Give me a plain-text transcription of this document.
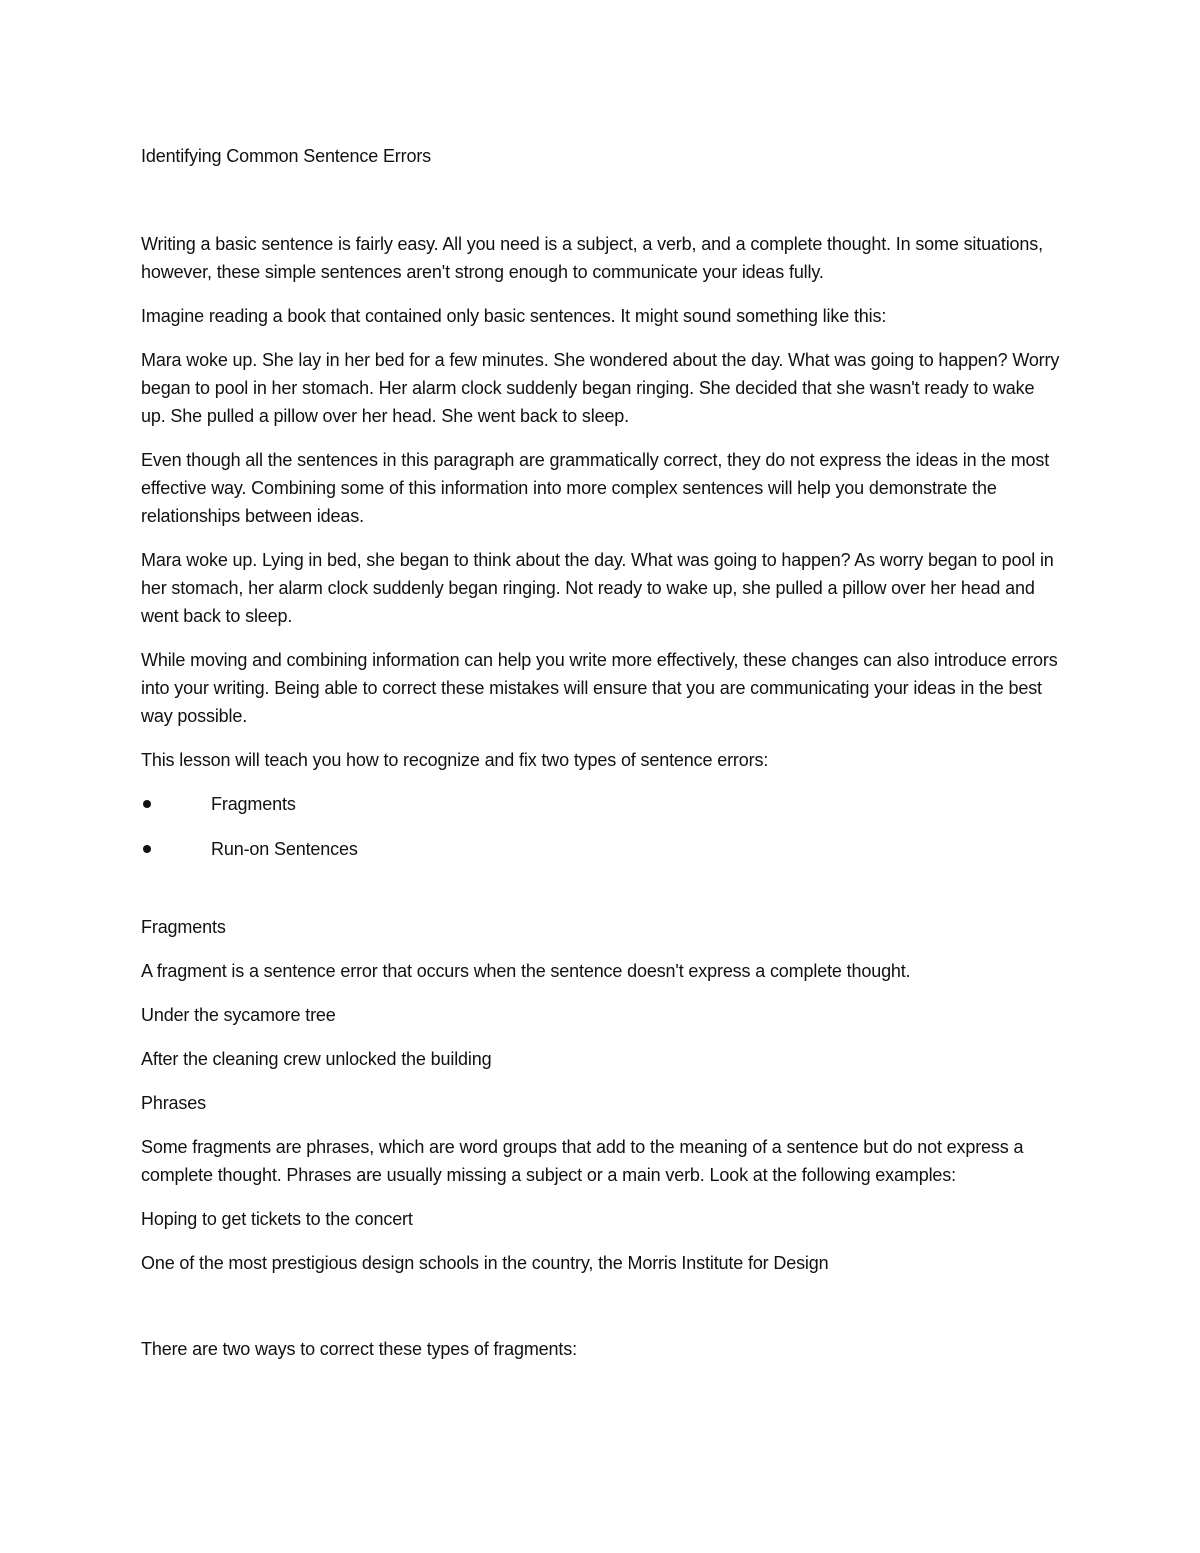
Identifying Common Sentence Errors

Writing a basic sentence is fairly easy. All you need is a subject, a verb, and a complete thought. In some situations, however, these simple sentences aren't strong enough to communicate your ideas fully.

Imagine reading a book that contained only basic sentences. It might sound something like this:

Mara woke up. She lay in her bed for a few minutes. She wondered about the day. What was going to happen? Worry began to pool in her stomach. Her alarm clock suddenly began ringing. She decided that she wasn't ready to wake up. She pulled a pillow over her head. She went back to sleep.

Even though all the sentences in this paragraph are grammatically correct, they do not express the ideas in the most effective way. Combining some of this information into more complex sentences will help you demonstrate the relationships between ideas.

Mara woke up. Lying in bed, she began to think about the day. What was going to happen? As worry began to pool in her stomach, her alarm clock suddenly began ringing. Not ready to wake up, she pulled a pillow over her head and went back to sleep.

While moving and combining information can help you write more effectively, these changes can also introduce errors into your writing. Being able to correct these mistakes will ensure that you are communicating your ideas in the best way possible.

This lesson will teach you how to recognize and fix two types of sentence errors:

Fragments
Run-on Sentences

Fragments

A fragment is a sentence error that occurs when the sentence doesn't express a complete thought.

Under the sycamore tree

After the cleaning crew unlocked the building

Phrases

Some fragments are phrases, which are word groups that add to the meaning of a sentence but do not express a complete thought. Phrases are usually missing a subject or a main verb. Look at the following examples:

Hoping to get tickets to the concert

One of the most prestigious design schools in the country, the Morris Institute for Design

There are two ways to correct these types of fragments:
